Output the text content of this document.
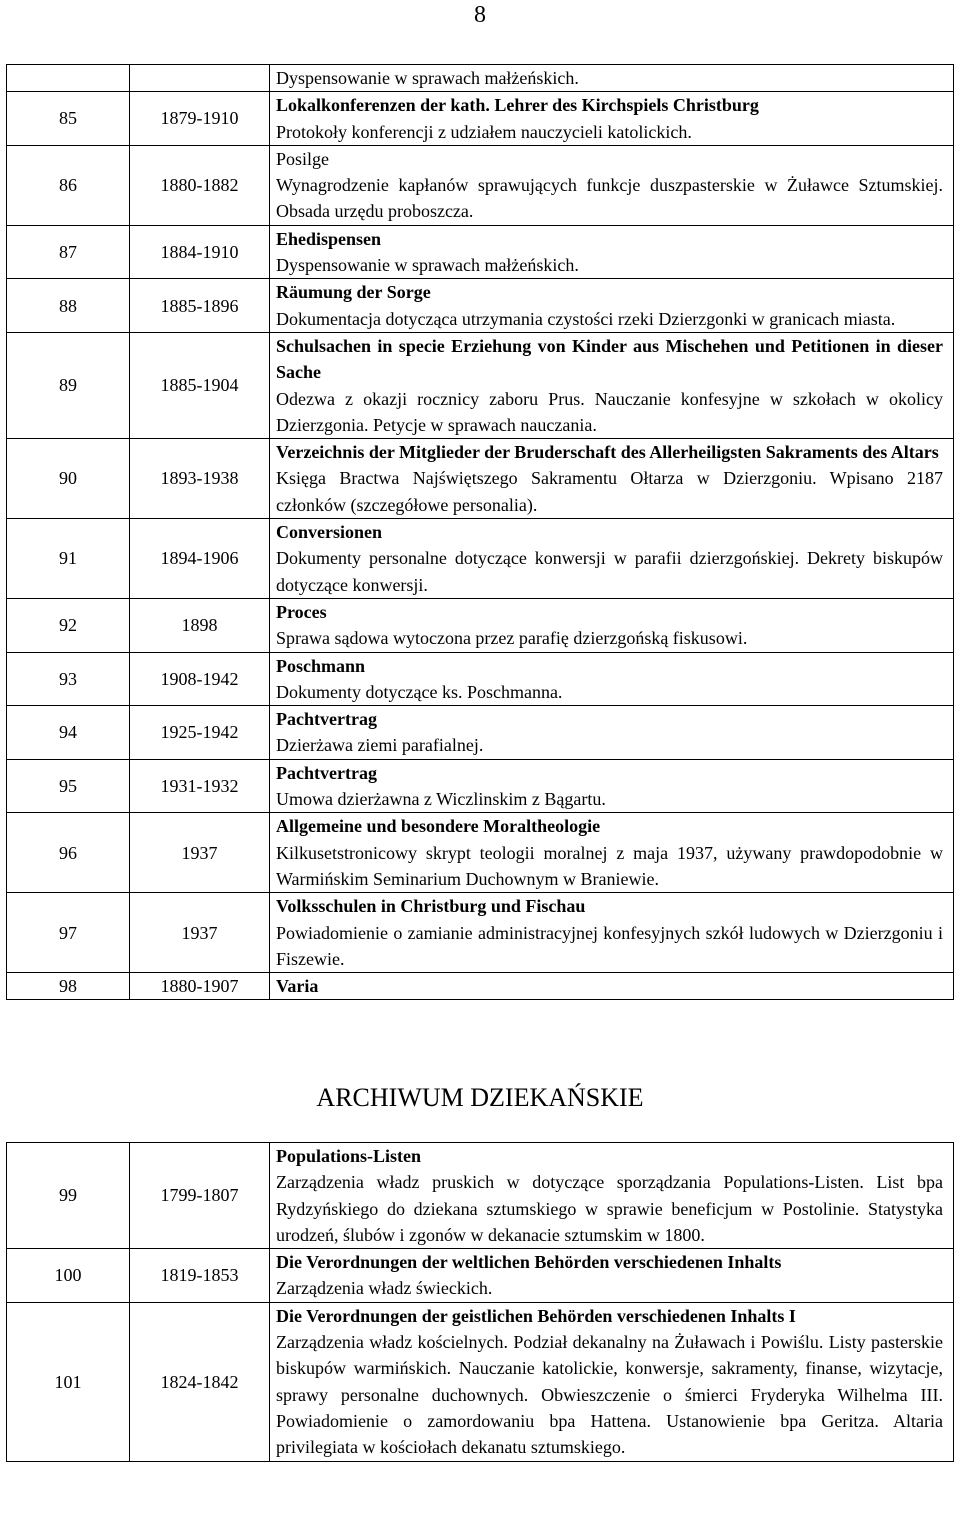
8

		Dyspensowanie w sprawach małżeńskich.

85	1879-1910	Lokalkonferenzen der kath. Lehrer des Kirchspiels Christburg
Protokoły konferencji z udziałem nauczycieli katolickich.

86	1880-1882	Posilge
Wynagrodzenie kapłanów sprawujących funkcje duszpasterskie w Żuławce Sztumskiej. Obsada urzędu proboszcza.

87	1884-1910	Ehedispensen
Dyspensowanie w sprawach małżeńskich.

88	1885-1896	Räumung der Sorge
Dokumentacja dotycząca utrzymania czystości rzeki Dzierzgonki w granicach miasta.

89	1885-1904	Schulsachen in specie Erziehung von Kinder aus Mischehen und Petitionen in dieser Sache
Odezwa z okazji rocznicy zaboru Prus. Nauczanie konfesyjne w szkołach w okolicy Dzierzgonia. Petycje w sprawach nauczania.

90	1893-1938	Verzeichnis der Mitglieder der Bruderschaft des Allerheiligsten Sakraments des Altars
Księga Bractwa Najświętszego Sakramentu Ołtarza w Dzierzgoniu. Wpisano 2187 członków (szczegółowe personalia).

91	1894-1906	Conversionen
Dokumenty personalne dotyczące konwersji w parafii dzierzgońskiej. Dekrety biskupów dotyczące konwersji.

92	1898	Proces
Sprawa sądowa wytoczona przez parafię dzierzgońską fiskusowi.

93	1908-1942	Poschmann
Dokumenty dotyczące ks. Poschmanna.

94	1925-1942	Pachtvertrag
Dzierżawa ziemi parafialnej.

95	1931-1932	Pachtvertrag
Umowa dzierżawna z Wiczlinskim z Bągartu.

96	1937	Allgemeine und besondere Moraltheologie
Kilkusetstronicowy skrypt teologii moralnej z maja 1937, używany prawdopodobnie w Warmińskim Seminarium Duchownym w Braniewie.

97	1937	Volksschulen in Christburg und Fischau
Powiadomienie o zamianie administracyjnej konfesyjnych szkół ludowych w Dzierzgoniu i Fiszewie.

98	1880-1907	Varia
ARCHIWUM DZIEKAŃSKIE
99	1799-1807	Populations-Listen
Zarządzenia władz pruskich w dotyczące sporządzania Populations-Listen. List bpa Rydzyńskiego do dziekana sztumskiego w sprawie beneficjum w Postolinie. Statystyka urodzeń, ślubów i zgonów w dekanacie sztumskim w 1800.

100	1819-1853	Die Verordnungen der weltlichen Behörden verschiedenen Inhalts
Zarządzenia władz świeckich.

101	1824-1842	Die Verordnungen der geistlichen Behörden verschiedenen Inhalts I
Zarządzenia władz kościelnych. Podział dekanalny na Żuławach i Powiślu. Listy pasterskie biskupów warmińskich. Nauczanie katolickie, konwersje, sakramenty, finanse, wizytacje, sprawy personalne duchownych. Obwieszczenie o śmierci Fryderyka Wilhelma III. Powiadomienie o zamordowaniu bpa Hattena. Ustanowienie bpa Geritza. Altaria privilegiata w kościołach dekanatu sztumskiego.
